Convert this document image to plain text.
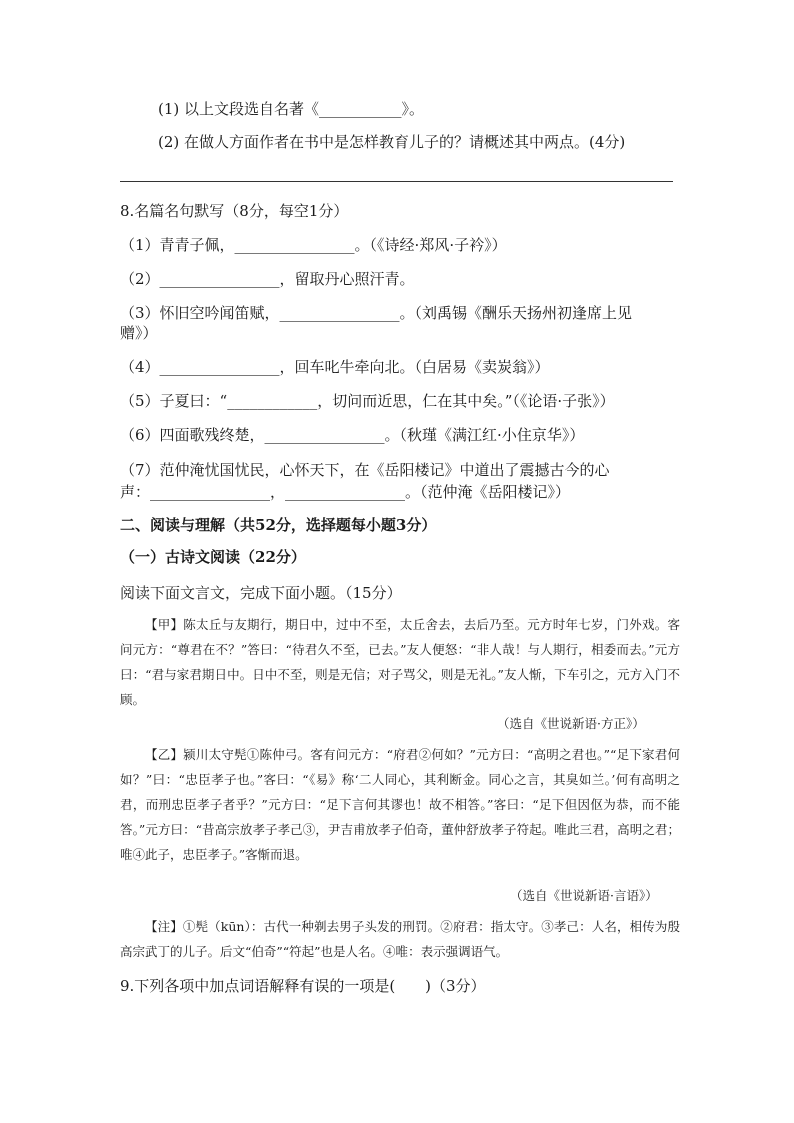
(1) 以上文段选自名著《___________》。

(2) 在做人方面作者在书中是怎样教育儿子的？请概述其中两点。(4分)

8.名篇名句默写（8分，每空1分）

（1）青青子佩，________________。（《诗经·郑风·子衿》）

（2）________________，留取丹心照汗青。

（3）怀旧空吟闻笛赋，________________。（刘禹锡《酬乐天扬州初逢席上见

赠》）

（4）________________，回车叱牛牵向北。（白居易《卖炭翁》）

（5）子夏曰：“____________，切问而近思，仁在其中矣。”（《论语·子张》）

（6）四面歌残终楚，________________。（秋瑾《满江红·小住京华》）

（7）范仲淹忧国忧民，心怀天下，在《岳阳楼记》中道出了震撼古今的心

声：________________，________________。（范仲淹《岳阳楼记》）

二、阅读与理解（共52分，选择题每小题3分）

（一）古诗文阅读（22分）

阅读下面文言文，完成下面小题。（15分）

【甲】陈太丘与友期行，期日中，过中不至，太丘舍去，去后乃至。元方时年七岁，门外戏。客问元方：“尊君在不？”答曰：“待君久不至，已去。”友人便怒：“非人哉！与人期行，相委而去。”元方曰：“君与家君期日中。日中不至，则是无信；对子骂父，则是无礼。”友人惭，下车引之，元方入门不顾。

（选自《世说新语·方正》）

【乙】颍川太守髡①陈仲弓。客有问元方：“府君②何如？”元方曰：“高明之君也。”“足下家君何如？”曰：“忠臣孝子也。”客曰：“《易》称‘二人同心，其利断金。同心之言，其臭如兰。’何有高明之君，而刑忠臣孝子者乎？”元方曰：“足下言何其谬也！故不相答。”客曰：“足下但因伛为恭，而不能答。”元方曰：“昔高宗放孝子孝己③，尹吉甫放孝子伯奇，董仲舒放孝子符起。唯此三君，高明之君；唯④此子，忠臣孝子。”客惭而退。

（选自《世说新语·言语》）

【注】①髡（kūn）：古代一种剃去男子头发的刑罚。②府君：指太守。③孝己：人名，相传为殷高宗武丁的儿子。后文“伯奇”“符起”也是人名。④唯：表示强调语气。

9.下列各项中加点词语解释有误的一项是(　　)（3分）
